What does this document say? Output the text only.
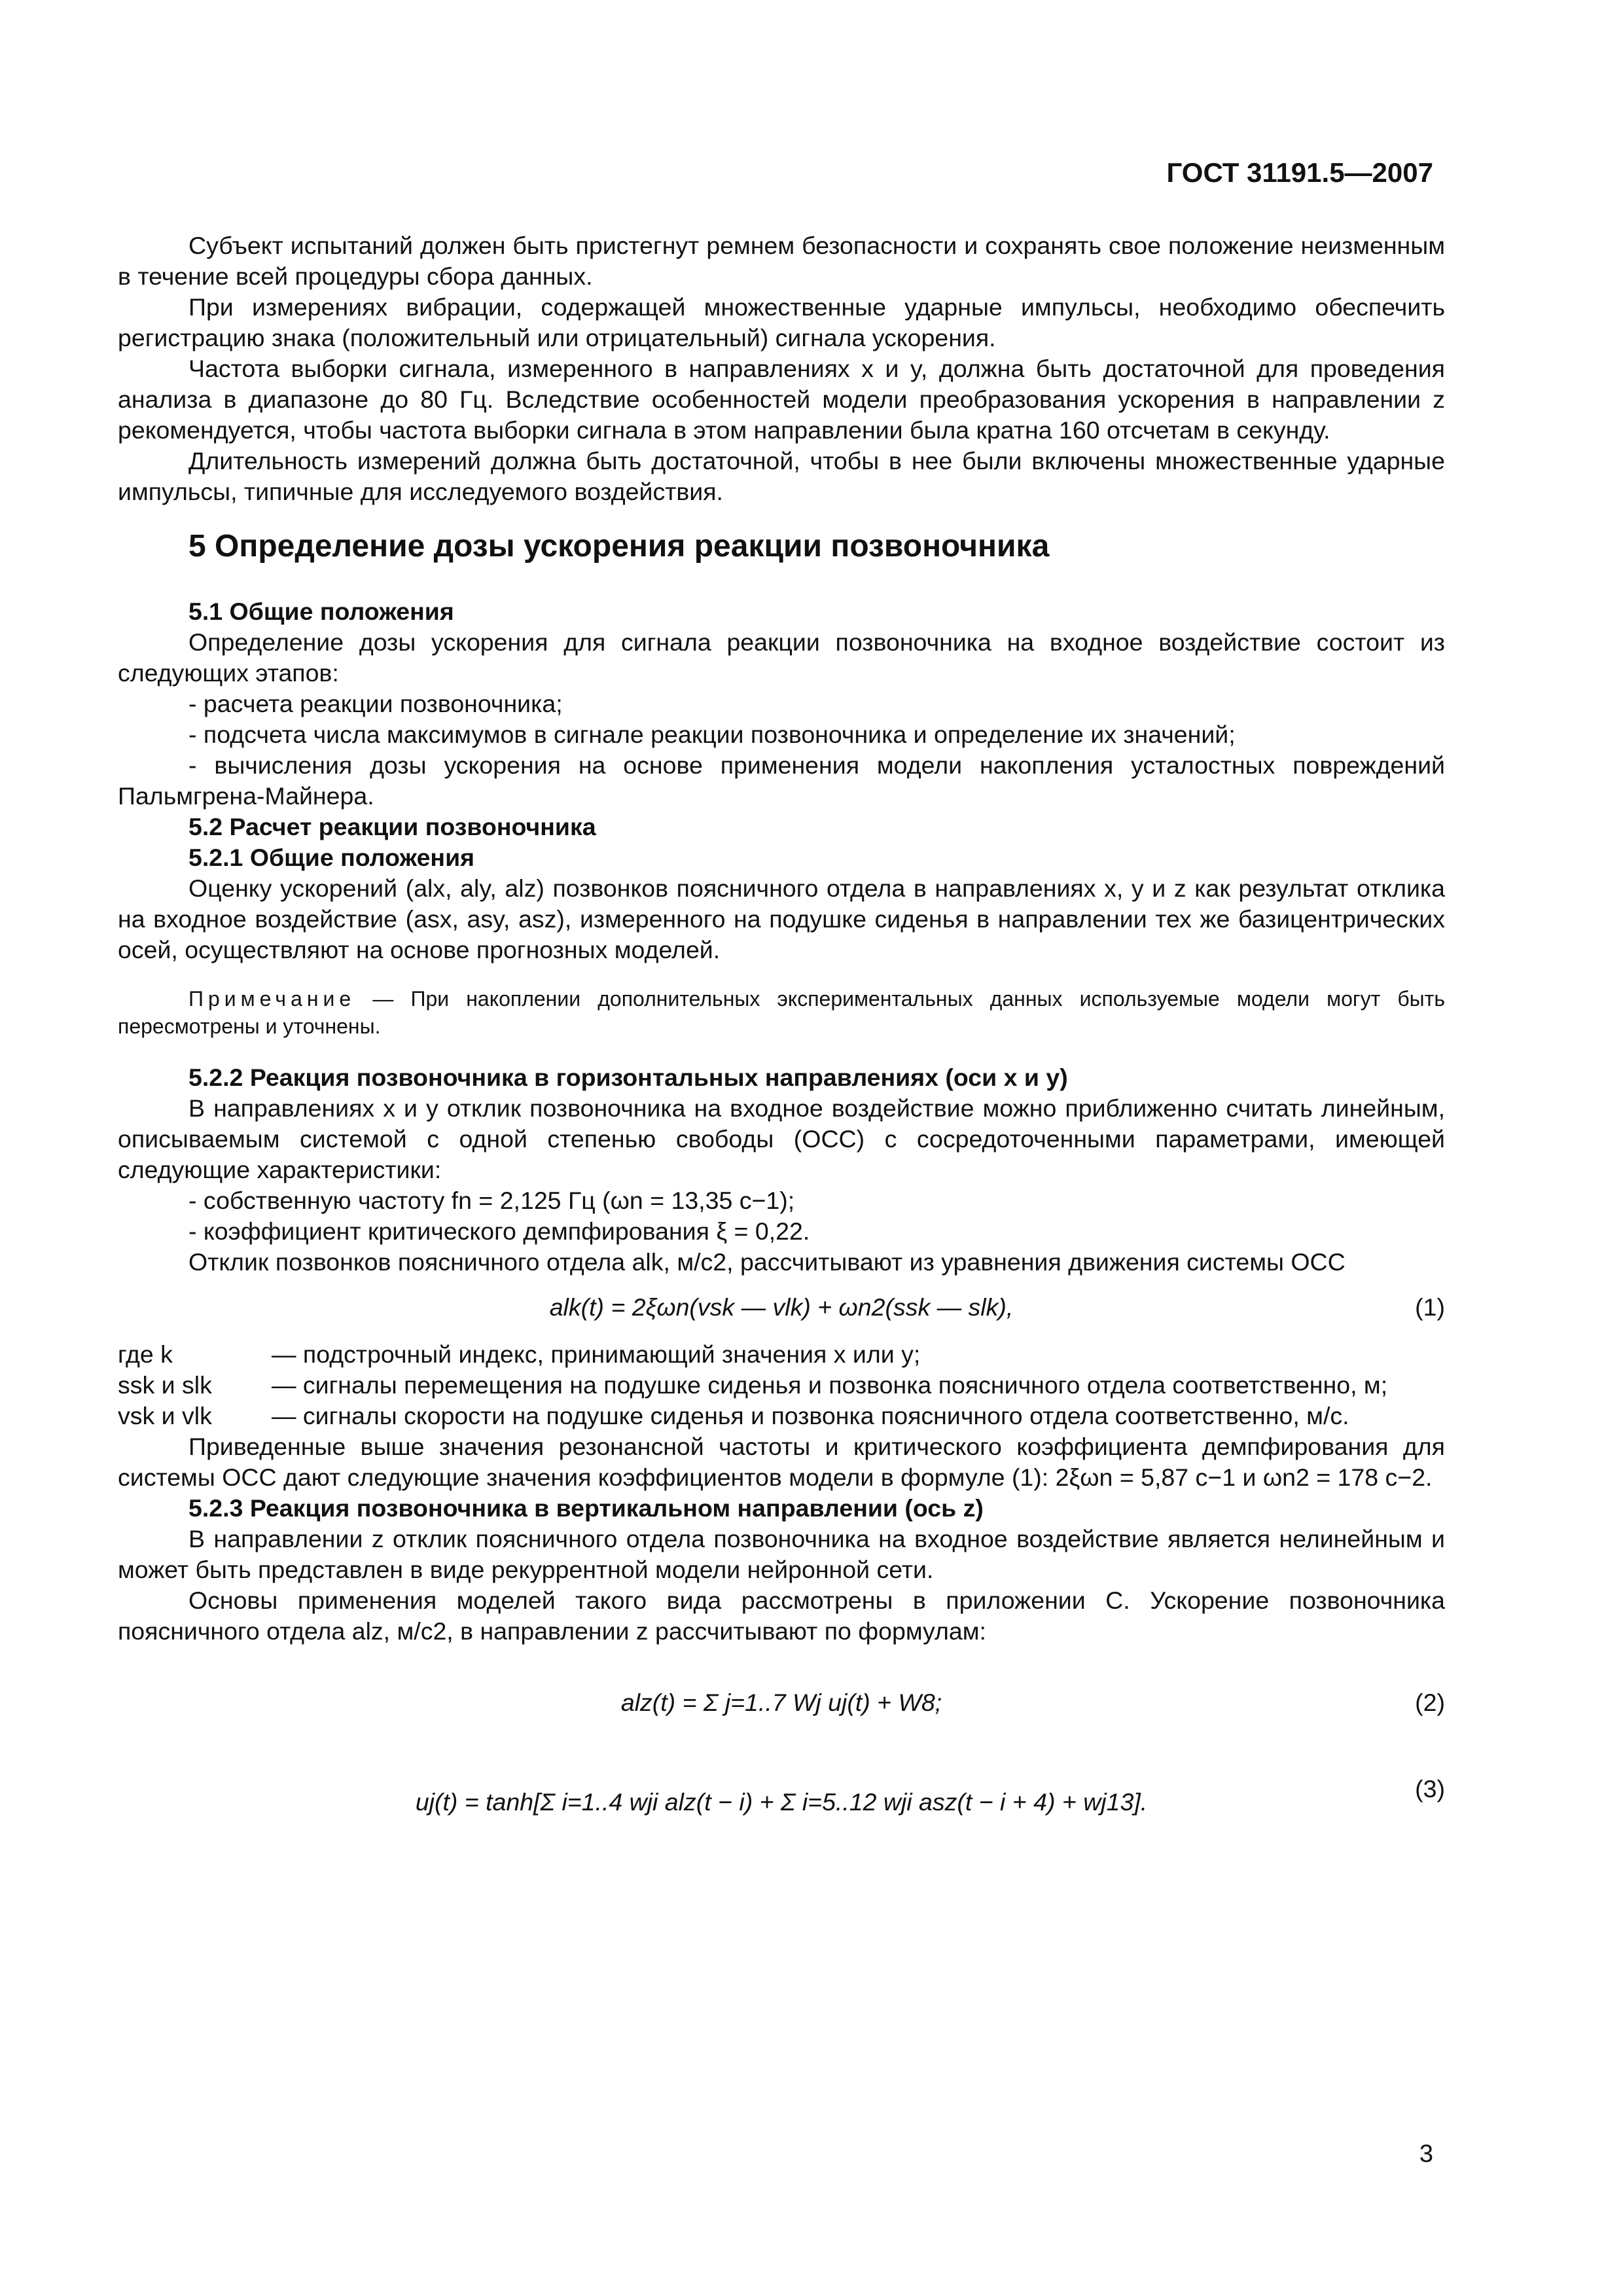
ГОСТ 31191.5—2007

Субъект испытаний должен быть пристегнут ремнем безопасности и сохранять свое положение неизменным в течение всей процедуры сбора данных.

При измерениях вибрации, содержащей множественные ударные импульсы, необходимо обеспечить регистрацию знака (положительный или отрицательный) сигнала ускорения.

Частота выборки сигнала, измеренного в направлениях x и y, должна быть достаточной для проведения анализа в диапазоне до 80 Гц. Вследствие особенностей модели преобразования ускорения в направлении z рекомендуется, чтобы частота выборки сигнала в этом направлении была кратна 160 отсчетам в секунду.

Длительность измерений должна быть достаточной, чтобы в нее были включены множественные ударные импульсы, типичные для исследуемого воздействия.

5 Определение дозы ускорения реакции позвоночника

5.1 Общие положения

Определение дозы ускорения для сигнала реакции позвоночника на входное воздействие состоит из следующих этапов:

- расчета реакции позвоночника;

- подсчета числа максимумов в сигнале реакции позвоночника и определение их значений;

- вычисления дозы ускорения на основе применения модели накопления усталостных повреждений Пальмгрена-Майнера.

5.2 Расчет реакции позвоночника

5.2.1 Общие положения

Оценку ускорений (alx, aly, alz) позвонков поясничного отдела в направлениях x, y и z как результат отклика на входное воздействие (asx, asy, asz), измеренного на подушке сиденья в направлении тех же базицентрических осей, осуществляют на основе прогнозных моделей.

Примечание — При накоплении дополнительных экспериментальных данных используемые модели могут быть пересмотрены и уточнены.

5.2.2 Реакция позвоночника в горизонтальных направлениях (оси x и y)

В направлениях x и y отклик позвоночника на входное воздействие можно приближенно считать линейным, описываемым системой с одной степенью свободы (ОСС) с сосредоточенными параметрами, имеющей следующие характеристики:

- собственную частоту fn = 2,125 Гц (ωn = 13,35 с−1);

- коэффициент критического демпфирования ξ = 0,22.

Отклик позвонков поясничного отдела alk, м/с2, рассчитывают из уравнения движения системы ОСС

alk(t) = 2ξωn(vsk — vlk) + ωn2(ssk — slk),	(1)
где k	— подстрочный индекс, принимающий значения x или y;
ssk и slk	— сигналы перемещения на подушке сиденья и позвонка поясничного отдела соответственно, м;
vsk и vlk	— сигналы скорости на подушке сиденья и позвонка поясничного отдела соответственно, м/с.

Приведенные выше значения резонансной частоты и критического коэффициента демпфирования для системы ОСС дают следующие значения коэффициентов модели в формуле (1): 2ξωn = 5,87 с−1 и ωn2 = 178 с−2.

5.2.3 Реакция позвоночника в вертикальном направлении (ось z)

В направлении z отклик поясничного отдела позвоночника на входное воздействие является нелинейным и может быть представлен в виде рекуррентной модели нейронной сети.

Основы применения моделей такого вида рассмотрены в приложении С. Ускорение позвоночника поясничного отдела alz, м/с2, в направлении z рассчитывают по формулам:

alz(t) = Σ j=1..7 Wj uj(t) + W8;	(2)
uj(t) = tanh[Σ i=1..4 wji alz(t − i) + Σ i=5..12 wji asz(t − i + 4) + wj13].	(3)
3
